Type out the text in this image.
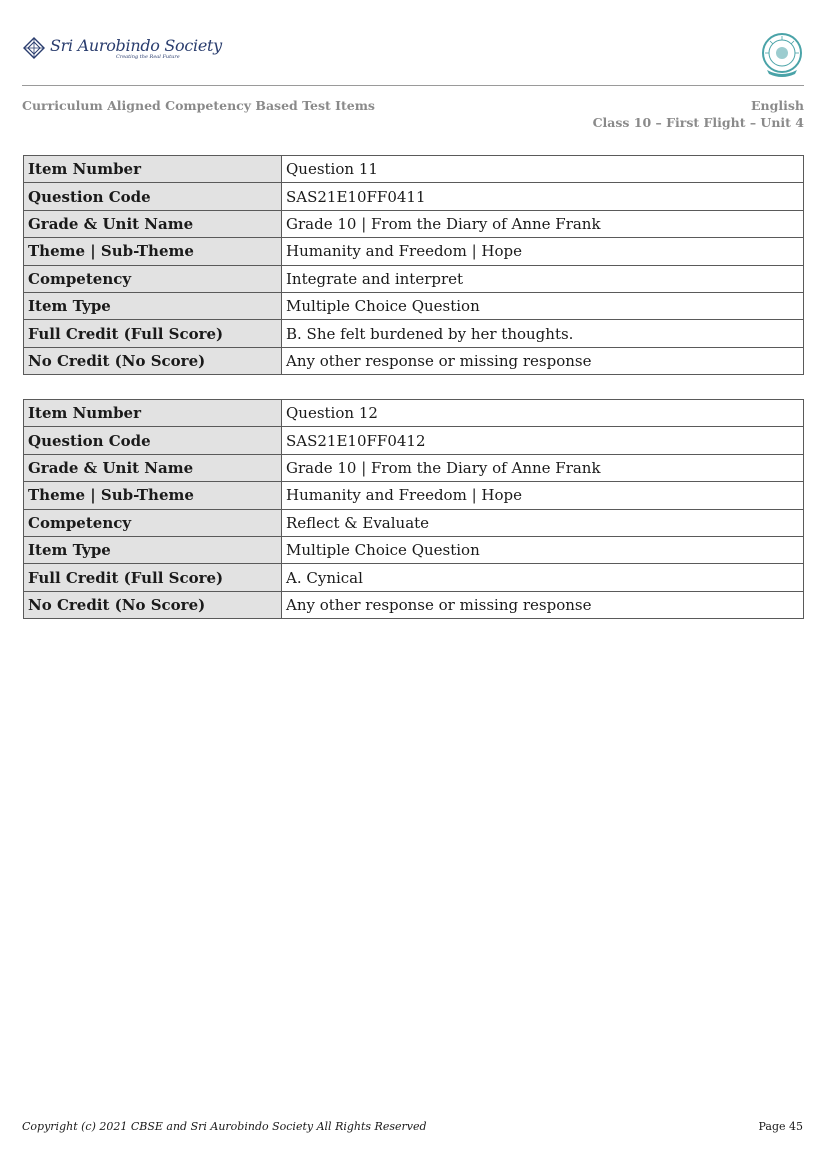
Sri Aurobindo Society
Creating the Real Future
Curriculum Aligned Competency Based Test Items	English
Class 10 – First Flight – Unit 4
Item Number	Question 11
Question Code	SAS21E10FF0411
Grade & Unit Name	Grade 10 | From the Diary of Anne Frank
Theme | Sub-Theme	Humanity and Freedom | Hope
Competency	Integrate and interpret
Item Type	Multiple Choice Question
Full Credit (Full Score)	B. She felt burdened by her thoughts.
No Credit (No Score)	Any other response or missing response
Item Number	Question 12
Question Code	SAS21E10FF0412
Grade & Unit Name	Grade 10 | From the Diary of Anne Frank
Theme | Sub-Theme	Humanity and Freedom | Hope
Competency	Reflect & Evaluate
Item Type	Multiple Choice Question
Full Credit (Full Score)	A. Cynical
No Credit (No Score)	Any other response or missing response
Copyright (c) 2021 CBSE and Sri Aurobindo Society All Rights Reserved	Page 45
